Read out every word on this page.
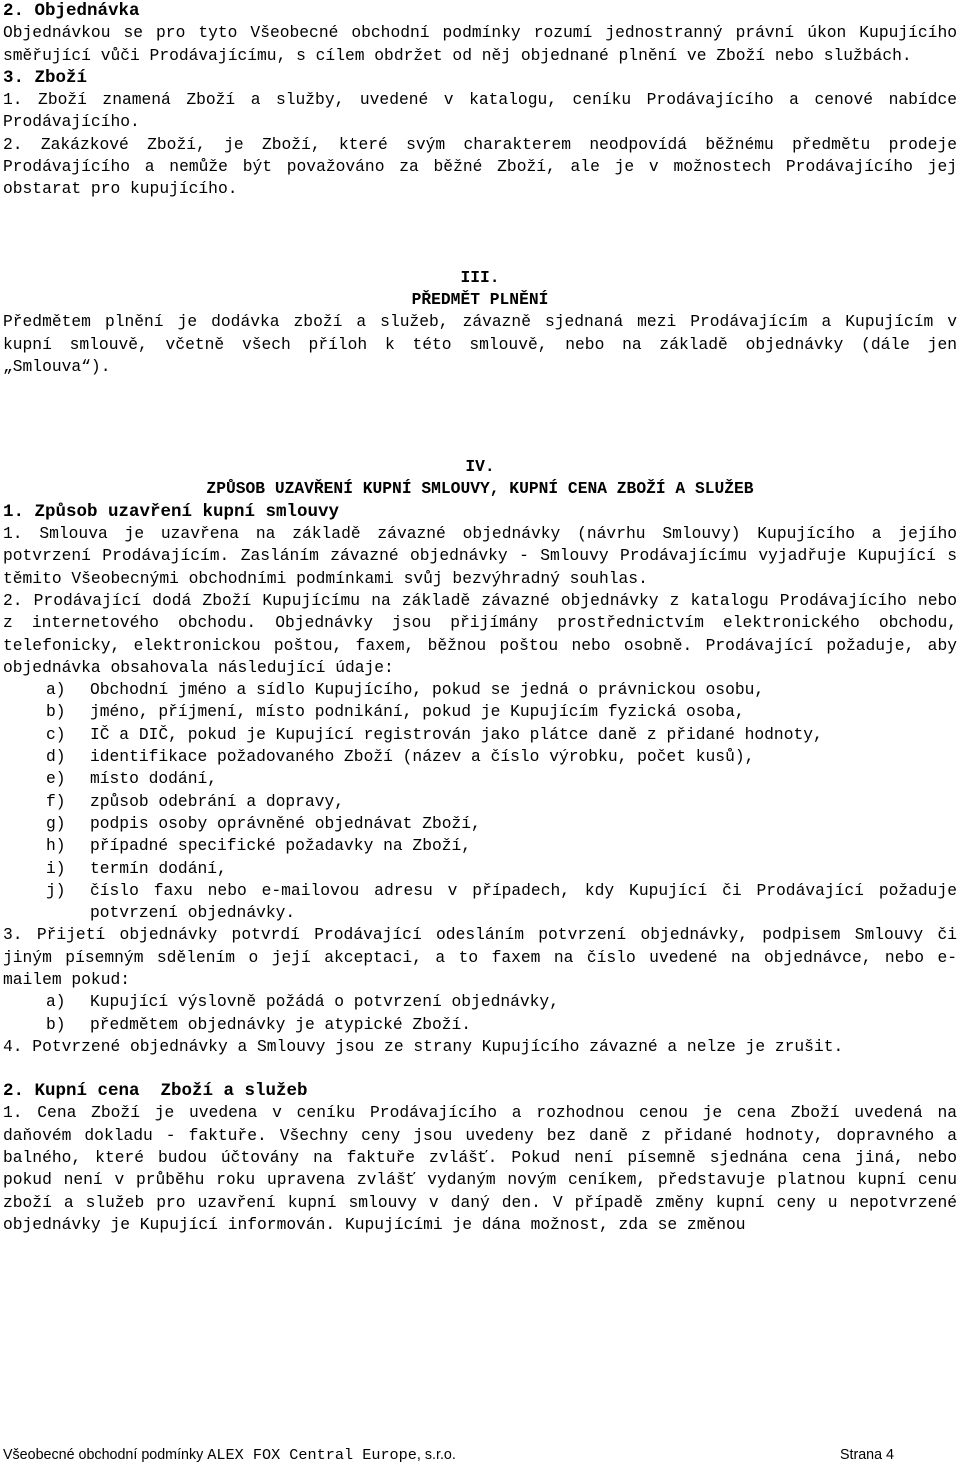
2. Objednávka
Objednávkou se pro tyto Všeobecné obchodní podmínky rozumí jednostranný právní úkon Kupujícího směřující vůči Prodávajícímu, s cílem obdržet od něj objednané plnění ve Zboží nebo službách.
3. Zboží
1. Zboží znamená Zboží a služby, uvedené v katalogu, ceníku Prodávajícího a cenové nabídce Prodávajícího.
2. Zakázkové Zboží, je Zboží, které svým charakterem neodpovídá běžnému předmětu prodeje Prodávajícího a nemůže být považováno za běžné Zboží, ale je v možnostech Prodávajícího jej obstarat pro kupujícího.
III.
PŘEDMĚT PLNĚNÍ
Předmětem plnění je dodávka zboží a služeb, závazně sjednaná mezi Prodávajícím a Kupujícím v kupní smlouvě, včetně všech příloh k této smlouvě, nebo na základě objednávky (dále jen „Smlouva“).
IV.
ZPŮSOB UZAVŘENÍ KUPNÍ SMLOUVY, KUPNÍ CENA ZBOŽÍ A SLUŽEB
1. Způsob uzavření kupní smlouvy
1. Smlouva je uzavřena na základě závazné objednávky (návrhu Smlouvy) Kupujícího a jejího potvrzení Prodávajícím. Zasláním závazné objednávky - Smlouvy Prodávajícímu vyjadřuje Kupující s těmito Všeobecnými obchodními podmínkami svůj bezvýhradný souhlas.
2. Prodávající dodá Zboží Kupujícímu na základě závazné objednávky z katalogu Prodávajícího nebo z internetového obchodu. Objednávky jsou přijímány prostřednictvím elektronického obchodu, telefonicky, elektronickou poštou, faxem, běžnou poštou nebo osobně. Prodávající požaduje, aby objednávka obsahovala následující údaje:
a)	Obchodní jméno a sídlo Kupujícího, pokud se jedná o právnickou osobu,
b)	jméno, příjmení, místo podnikání, pokud je Kupujícím fyzická osoba,
c)	IČ a DIČ, pokud je Kupující registrován jako plátce daně z přidané hodnoty,
d)	identifikace požadovaného Zboží (název a číslo výrobku, počet kusů),
e)	místo dodání,
f)	způsob odebrání a dopravy,
g)	podpis osoby oprávněné objednávat Zboží,
h)	případné specifické požadavky na Zboží,
i)	termín dodání,
j)	číslo faxu nebo e-mailovou adresu v případech, kdy Kupující či Prodávající požaduje potvrzení objednávky.
3. Přijetí objednávky potvrdí Prodávající odesláním potvrzení objednávky, podpisem Smlouvy či jiným písemným sdělením o její akceptaci, a to faxem na číslo uvedené na objednávce, nebo e-mailem pokud:
a)	Kupující výslovně požádá o potvrzení objednávky,
b)	předmětem objednávky je atypické Zboží.
4. Potvrzené objednávky a Smlouvy jsou ze strany Kupujícího závazné a nelze je zrušit.
2. Kupní cena  Zboží a služeb
1. Cena Zboží je uvedena v ceníku Prodávajícího a rozhodnou cenou je cena Zboží uvedená na daňovém dokladu - faktuře. Všechny ceny jsou uvedeny bez daně z přidané hodnoty, dopravného a balného, které budou účtovány na faktuře zvlášť. Pokud není písemně sjednána cena jiná, nebo pokud není v průběhu roku upravena zvlášť vydaným novým ceníkem, představuje platnou kupní cenu zboží a služeb pro uzavření kupní smlouvy v daný den. V případě změny kupní ceny u nepotvrzené objednávky je Kupující informován. Kupujícími je dána možnost, zda se změnou
Všeobecné obchodní podmínky ALEX FOX Central Europe, s.r.o.	Strana 4
